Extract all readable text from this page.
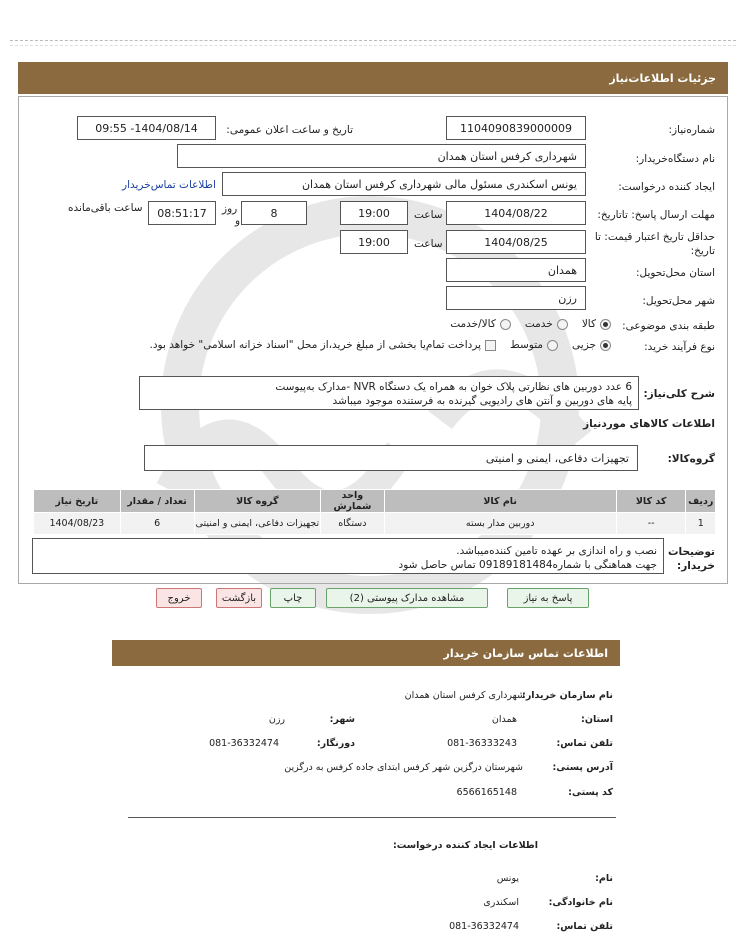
جزئیات اطلاعات‌نیاز
شماره‌نیاز:
1104090839000009
تاریخ و ساعت اعلان عمومی:
1404/08/14- 09:55
نام دستگاه‌خریدار:
شهرداری کرفس استان همدان
ایجاد کننده درخواست:
یونس اسکندری مسئول مالی شهرداری کرفس استان همدان
اطلاعات تماس‌خریدار
مهلت ارسال پاسخ: تاتاریخ:
1404/08/22
ساعت
19:00
8
روز
و
08:51:17
ساعت باقی‌مانده
حداقل تاریخ اعتبار قیمت: تا تاریخ:
1404/08/25
ساعت
19:00
استان محل‌تحویل:
همدان
شهر محل‌تحویل:
رزن
طبقه بندی موضوعی:
کالا
خدمت
کالا/خدمت
نوع فرآیند خرید:
جزیی
متوسط
پرداخت تمام‌یا بخشی از مبلغ خرید،از محل "اسناد خزانه اسلامی" خواهد بود.
شرح کلی‌نیاز:
6 عدد دوربین های نظارتی پلاک خوان به همراه یک دستگاه NVR -مدارک به‌پیوست
پایه های دوربین و آنتن های رادیویی گیرنده به فرستنده موجود میباشد
اطلاعات کالاهای موردنیاز
گروه‌کالا:
تجهیزات دفاعی، ایمنی و امنیتی
ردیف	کد کالا	نام کالا	واحد شمارش	گروه کالا	تعداد / مقدار	تاریخ نیاز
1	--	دوربین مدار بسته	دستگاه	تجهیزات دفاعی، ایمنی و امنیتی	6	1404/08/23
توضیحات
خریدار:
نصب و راه اندازی بر عهده تامین کننده‌میباشد.
جهت هماهنگی با شماره09189181484 تماس حاصل شود
پاسخ به نیاز
مشاهده مدارک پیوستی (2)
چاپ
بازگشت
خروج
اطلاعات تماس سازمان خریدار
نام سازمان خریدار:
شهرداری کرفس استان همدان
استان:
همدان
شهر:
رزن
تلفن تماس:
081-36333243
دورنگار:
081-36332474
آدرس پستی:
شهرستان درگزین شهر کرفس ابتدای جاده کرفس به درگزین
کد پستی:
6566165148
اطلاعات ایجاد کننده درخواست:
نام:
یونس
نام خانوادگی:
اسکندری
تلفن تماس:
081-36332474
